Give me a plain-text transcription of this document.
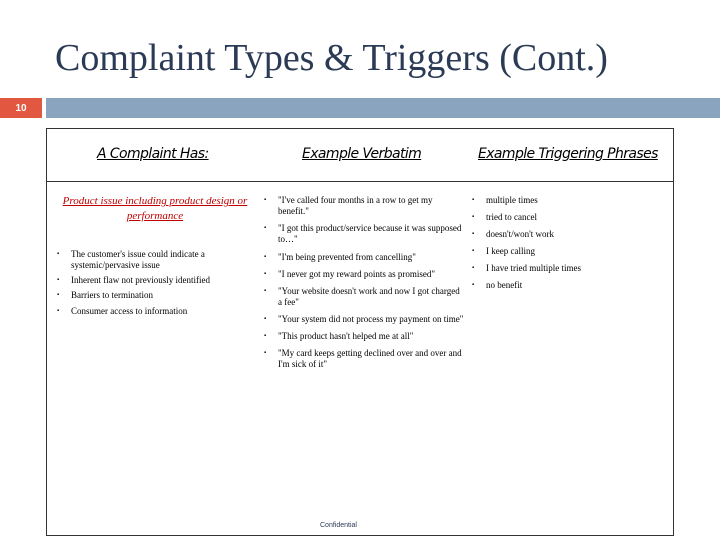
Complaint Types & Triggers (Cont.)
10
A Complaint Has:	Example Verbatim	Example Triggering Phrases
Product issue including product design or performance
▪ The customer's issue could indicate a systemic/pervasive issue
▪ Inherent flaw not previously identified
▪ Barriers to termination
▪ Consumer access to information
▪ "I've called four months in a row to get my benefit."
▪ "I got this product/service because it was supposed to…"
▪ "I'm being prevented from cancelling"
▪ "I never got my reward points as promised"
▪ "Your website doesn't work and now I got charged a fee"
▪ "Your system did not process my payment on time"
▪ "This product hasn't helped me at all"
▪ "My card keeps getting declined over and over and I'm sick of it"
▪ multiple times
▪ tried to cancel
▪ doesn't/won't work
▪ I keep calling
▪ I have tried multiple times
▪ no benefit
Confidential
